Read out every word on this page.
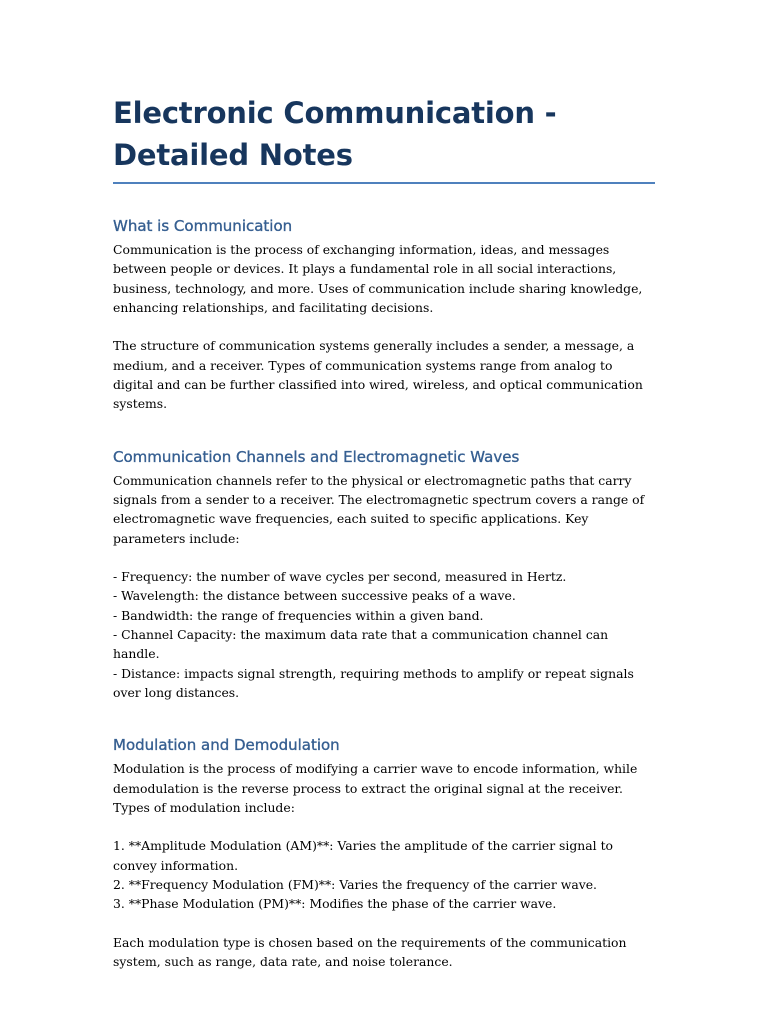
Electronic Communication - Detailed Notes
What is Communication

Communication is the process of exchanging information, ideas, and messages between people or devices. It plays a fundamental role in all social interactions, business, technology, and more. Uses of communication include sharing knowledge, enhancing relationships, and facilitating decisions.

The structure of communication systems generally includes a sender, a message, a medium, and a receiver. Types of communication systems range from analog to digital and can be further classified into wired, wireless, and optical communication systems.

Communication Channels and Electromagnetic Waves

Communication channels refer to the physical or electromagnetic paths that carry signals from a sender to a receiver. The electromagnetic spectrum covers a range of electromagnetic wave frequencies, each suited to specific applications. Key parameters include:

- Frequency: the number of wave cycles per second, measured in Hertz.
- Wavelength: the distance between successive peaks of a wave.
- Bandwidth: the range of frequencies within a given band.
- Channel Capacity: the maximum data rate that a communication channel can handle.
- Distance: impacts signal strength, requiring methods to amplify or repeat signals over long distances.
Modulation and Demodulation

Modulation is the process of modifying a carrier wave to encode information, while demodulation is the reverse process to extract the original signal at the receiver. Types of modulation include:

1. **Amplitude Modulation (AM)**: Varies the amplitude of the carrier signal to convey information.
2. **Frequency Modulation (FM)**: Varies the frequency of the carrier wave.
3. **Phase Modulation (PM)**: Modifies the phase of the carrier wave.

Each modulation type is chosen based on the requirements of the communication system, such as range, data rate, and noise tolerance.
